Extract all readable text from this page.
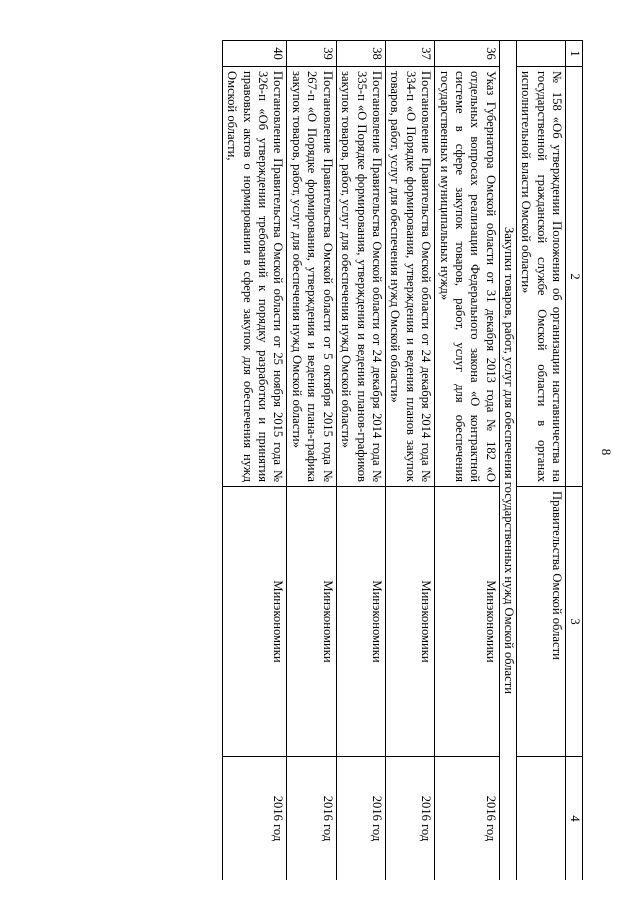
8
1	2	3	4
	№ 158 «Об утверждении Положения об организации наставничества на государственной гражданской службе Омской области в органах исполнительной власти Омской области»	Правительства Омской области	
Закупки товаров, работ, услуг для обеспечения государственных нужд Омской области			
36	Указ Губернатора Омской области от 31 декабря 2013 года № 182 «О отдельных вопросах реализации Федерального закона «О контрактной системе в сфере закупок товаров, работ, услуг для обеспечения государственных и муниципальных нужд»	Минэкономики	2016 год
37	Постановление Правительства Омской области от 24 декабря 2014 года № 334-п «О Порядке формирования, утверждения и ведения планов закупок товаров, работ, услуг для обеспечения нужд Омской области»	Минэкономики	2016 год
38	Постановление Правительства Омской области от 24 декабря 2014 года № 335-п «О Порядке формирования, утверждения и ведения планов-графиков закупок товаров, работ, услуг для обеспечения нужд Омской области»	Минэкономики	2016 год
39	Постановление Правительства Омской области от 5 октября 2015 года № 267-п «О Порядке формирования, утверждения и ведения плана-графика закупок товаров, работ, услуг для обеспечения нужд Омской области»	Минэкономики	2016 год
40	Постановление Правительства Омской области от 25 ноября 2015 года № 326-п «Об утверждении требований к порядку разработки и принятия правовых актов о нормировании в сфере закупок для обеспечения нужд Омской области,	Минэкономики	2016 год
